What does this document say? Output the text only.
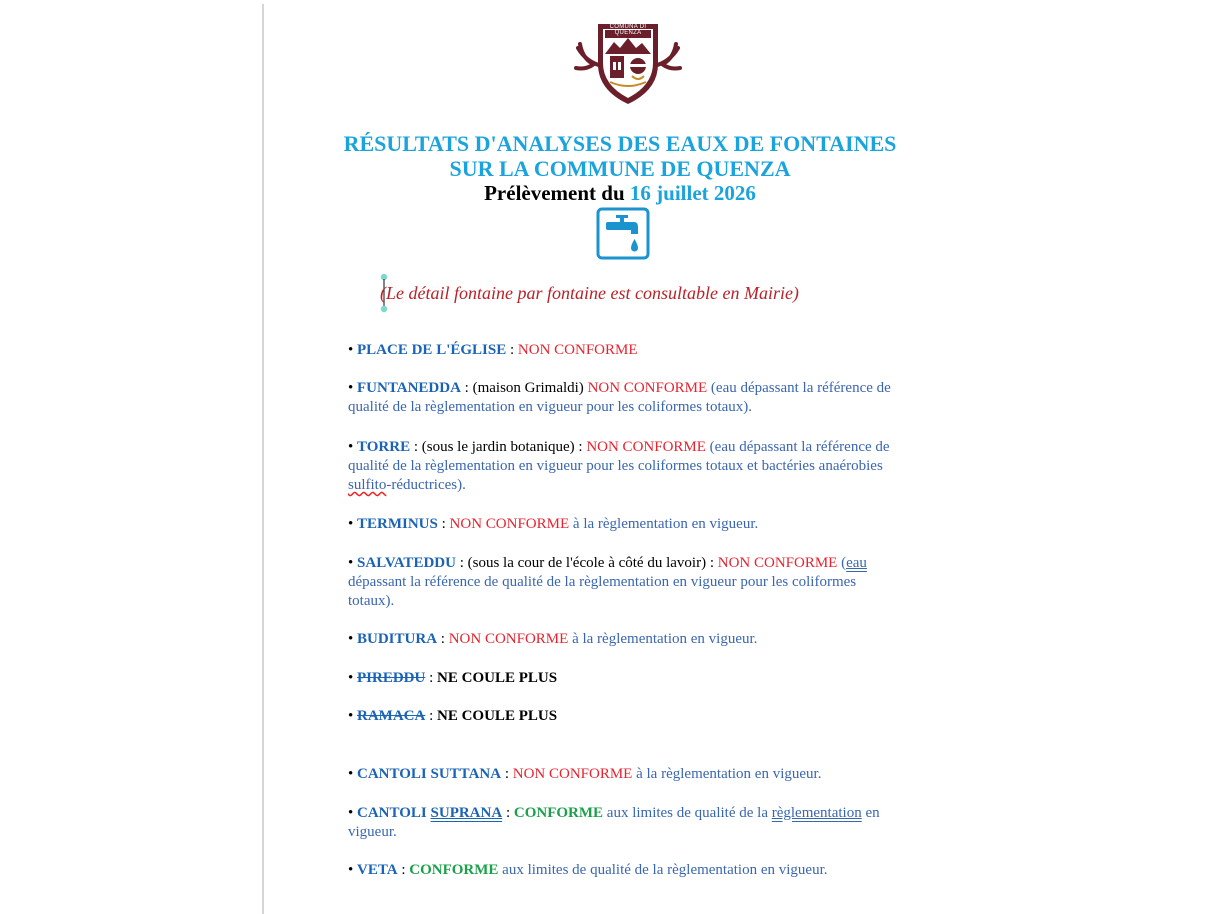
COMUNA DI QUENZA
RÉSULTATS D'ANALYSES DES EAUX DE FONTAINES
SUR LA COMMUNE DE QUENZA
Prélèvement du 16 juillet 2026
(Le détail fontaine par fontaine est consultable en Mairie)
• PLACE DE L'ÉGLISE : NON CONFORME
• FUNTANEDDA : (maison Grimaldi) NON CONFORME (eau dépassant la référence de qualité de la règlementation en vigueur pour les coliformes totaux).
• TORRE : (sous le jardin botanique) : NON CONFORME (eau dépassant la référence de qualité de la règlementation en vigueur pour les coliformes totaux et bactéries anaérobies sulfito-réductrices).
• TERMINUS : NON CONFORME à la règlementation en vigueur.
• SALVATEDDU : (sous la cour de l'école à côté du lavoir) : NON CONFORME (eau dépassant la référence de qualité de la règlementation en vigueur pour les coliformes totaux).
• BUDITURA : NON CONFORME à la règlementation en vigueur.
• PIREDDU : NE COULE PLUS
• RAMACA : NE COULE PLUS
• CANTOLI SUTTANA : NON CONFORME à la règlementation en vigueur.
• CANTOLI SUPRANA : CONFORME aux limites de qualité de la règlementation en vigueur.
• VETA : CONFORME aux limites de qualité de la règlementation en vigueur.
